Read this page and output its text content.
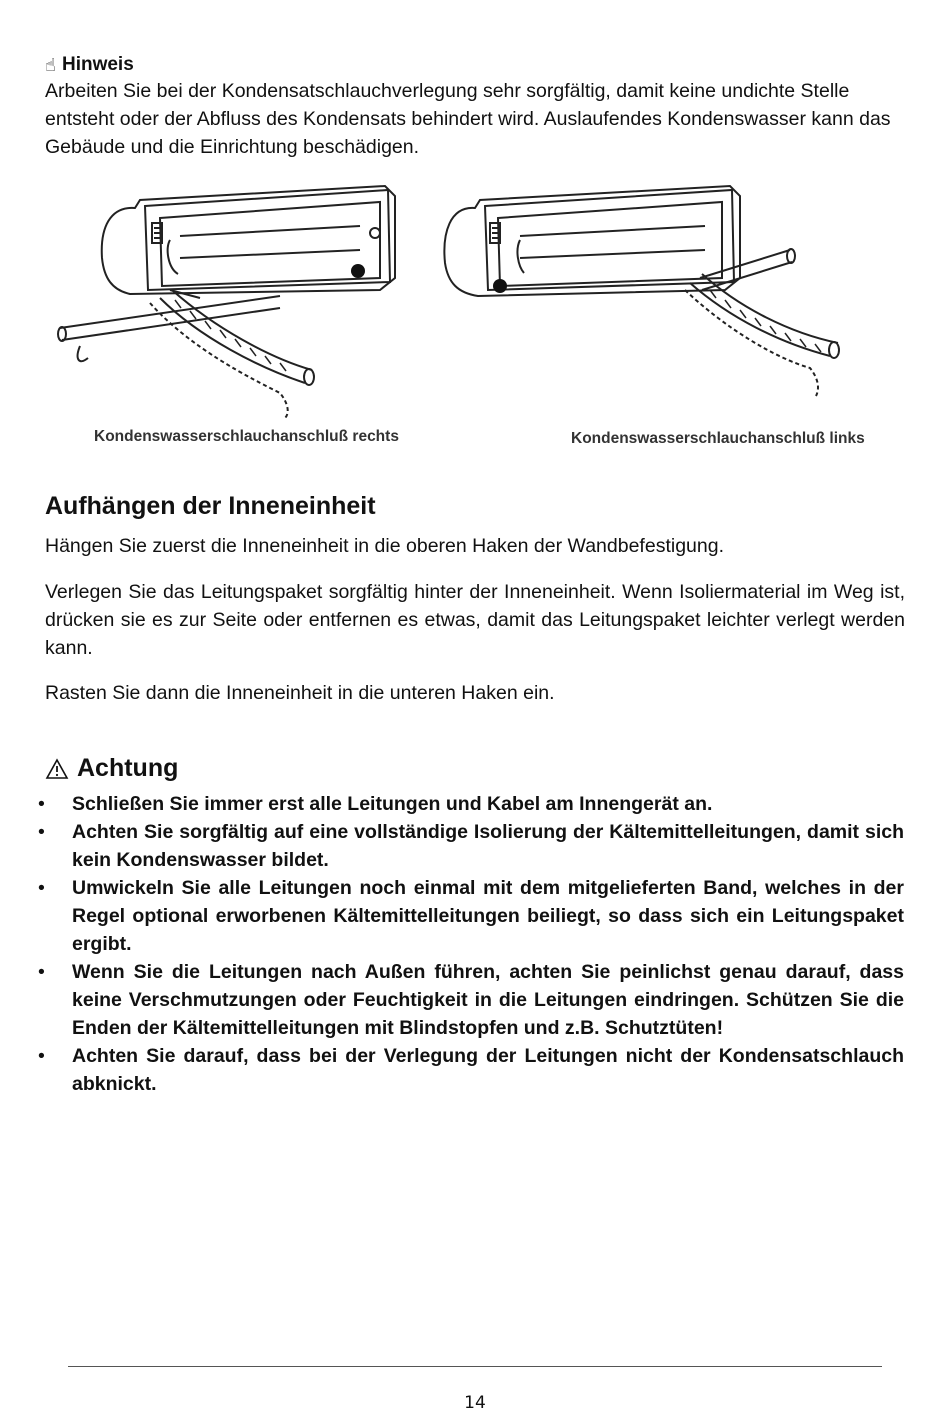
☝ Hinweis
Arbeiten Sie bei der Kondensatschlauchverlegung sehr sorgfältig, damit keine undichte Stelle entsteht oder der Abfluss des Kondensats behindert wird. Auslaufendes Kondenswasser kann das Gebäude und die Einrichtung beschädigen.
Kondenswasserschlauchanschluß rechts	Kondenswasserschlauchanschluß links
Aufhängen der Inneneinheit
Hängen Sie zuerst die Inneneinheit in die oberen Haken der Wandbefestigung.
Verlegen Sie das Leitungspaket sorgfältig hinter der Inneneinheit. Wenn Isoliermaterial im Weg ist, drücken sie es zur Seite oder entfernen es etwas, damit das Leitungspaket leichter verlegt werden kann.
Rasten Sie dann die Inneneinheit in die unteren Haken ein.
Achtung
• Schließen Sie immer erst alle Leitungen und Kabel am Innengerät an.
• Achten Sie sorgfältig auf eine vollständige Isolierung der Kältemittelleitungen, damit sich kein Kondenswasser bildet.
• Umwickeln Sie alle Leitungen noch einmal mit dem mitgelieferten Band, welches in der Regel optional erworbenen Kältemittelleitungen beiliegt, so dass sich ein Leitungspaket ergibt.
• Wenn Sie die Leitungen nach Außen führen, achten Sie peinlichst genau darauf, dass keine Verschmutzungen oder Feuchtigkeit in die Leitungen eindringen. Schützen Sie die Enden der Kältemittelleitungen mit Blindstopfen und z.B. Schutztüten!
• Achten Sie darauf, dass bei der Verlegung der Leitungen nicht der Kondensatschlauch abknickt.
14
